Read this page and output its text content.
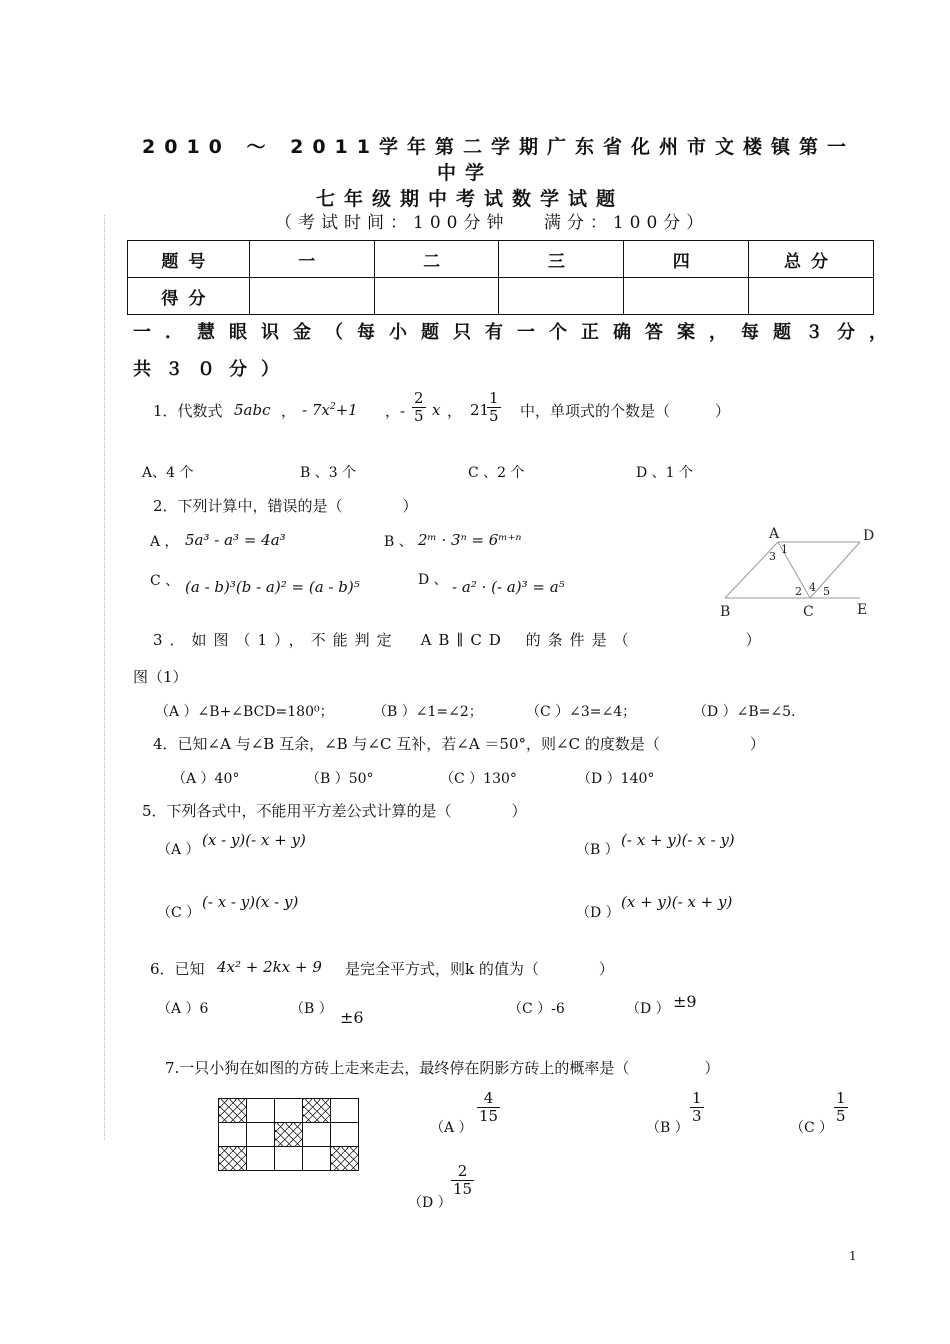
2010 ～ 2011学年第二学期广东省化州市文楼镇第一
中学
七年级期中考试数学试题
（考试时间：100分钟　 满分：100分）
题号	一	二	三	四	总分
得分					
一．慧眼识金（每小题只有一个正确答案，每题３分，
共３０分）
1．代数式 5abc ， - $7x^2+1$ ，- $\frac{2}{5}$ x ， 21
$\frac{1}{5}$ 中，单项式的个数是（　　　）
A、4 个	B 、3 个	C 、2 个	D 、1 个
2．下列计算中，错误的是（　　　　）
A ， 5a³ - a³ = 4a³	B 、 2ᵐ · 3ⁿ = 6ᵐ⁺ⁿ
C 、 (a - b)³(b - a)² = (a - b)⁵	D 、 - a² · (- a)³ = a⁵
A	D
B	C	E
1
2
3
4 5
3．如图（1），不能判定　AB∥CD 的条件是（　　　　　）
图（1）
（A ）∠B+∠BCD=180⁰；	（B ）∠1=∠2；	（C ）∠3=∠4；	（D ）∠B=∠5.
4．已知∠A 与∠B 互余，∠B 与∠C 互补，若∠A ＝50°，则∠C 的度数是（　　　　　　）
（A ）40°	（B ）50°	（C ）130°	（D ）140°
5．下列各式中，不能用平方差公式计算的是（　　　　）
（A ）
(x - y)(- x + y)
（B ）
(- x + y)(- x - y)
（C ）
(- x - y)(x - y)
（D ）
(x + y)(- x + y)
6．已知 4x² + 2kx + 9 是完全平方式，则k 的值为（　　　　）
（A ）6	（B ） ±6	（C ）-6	（D ） ±9
7.一只小狗在如图的方砖上走来走去，最终停在阴影方砖上的概率是（　　　　　）

（A ）
$\frac{4}{15}$
（B ）
$\frac{1}{3}$
（C ）
$\frac{1}{5}$
（D ）
$\frac{2}{15}$
1
